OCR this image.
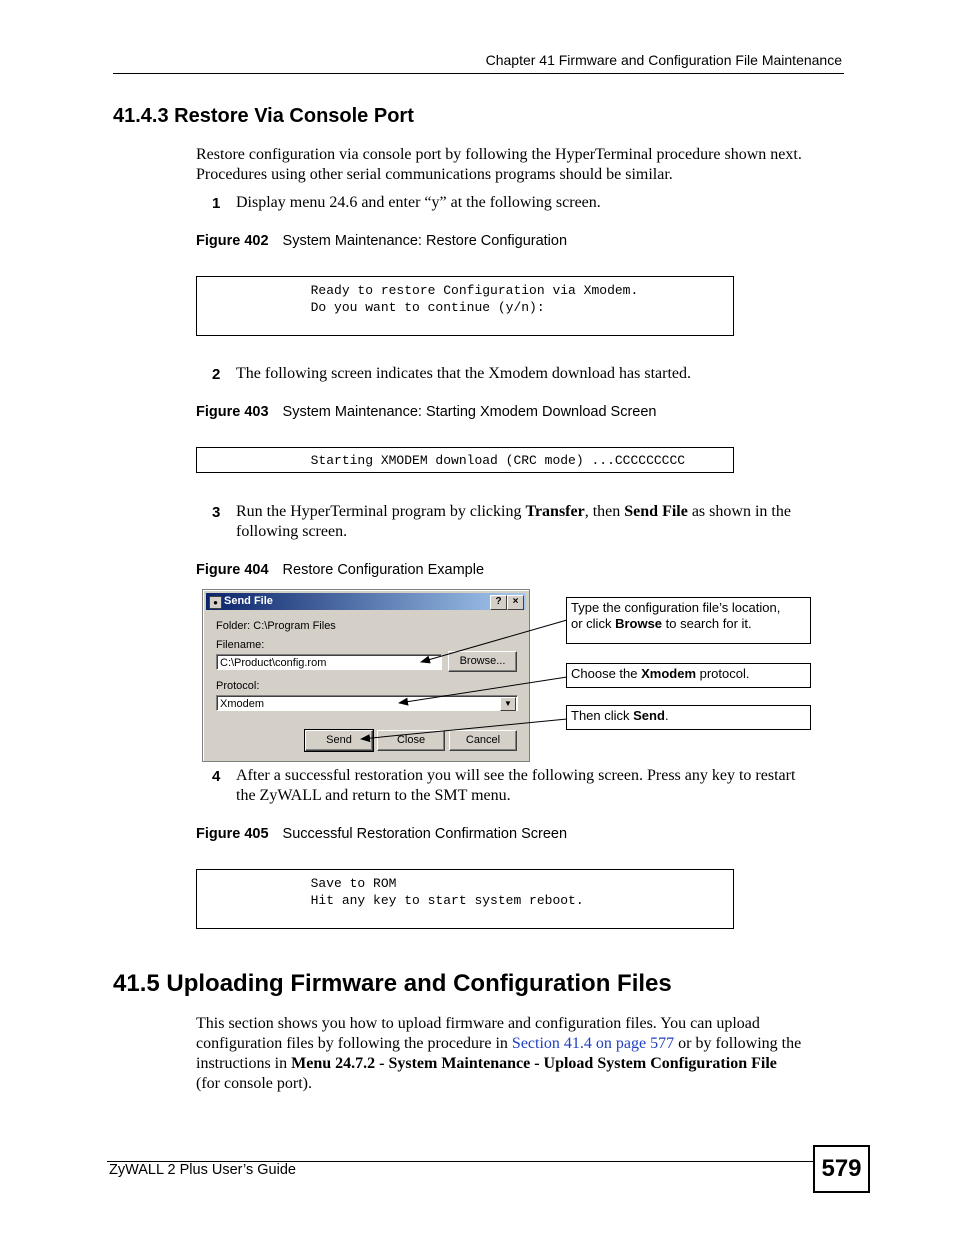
Chapter 41 Firmware and Configuration File Maintenance
41.4.3 Restore Via Console Port
Restore configuration via console port by following the HyperTerminal procedure shown next.
Procedures using other serial communications programs should be similar.
1 Display menu 24.6 and enter “y” at the following screen.
Figure 402 System Maintenance: Restore Configuration
Ready to restore Configuration via Xmodem.
Do you want to continue (y/n):
2 The following screen indicates that the Xmodem download has started.
Figure 403 System Maintenance: Starting Xmodem Download Screen
Starting XMODEM download (CRC mode) ...CCCCCCCCC
3 Run the HyperTerminal program by clicking Transfer, then Send File as shown in the
following screen.
Figure 404 Restore Configuration Example
● Send File	?	×
Folder: C:\Program Files
Filename:
C:\Product\config.rom	Browse...
Protocol:
Xmodem	▼
Send	Close	Cancel
Type the configuration file’s location,
or click Browse to search for it.
Choose the Xmodem protocol.
Then click Send.
4 After a successful restoration you will see the following screen. Press any key to restart
the ZyWALL and return to the SMT menu.
Figure 405 Successful Restoration Confirmation Screen
Save to ROM
Hit any key to start system reboot.
41.5 Uploading Firmware and Configuration Files
This section shows you how to upload firmware and configuration files. You can upload
configuration files by following the procedure in Section 41.4 on page 577 or by following the
instructions in Menu 24.7.2 - System Maintenance - Upload System Configuration File
(for console port).
ZyWALL 2 Plus User’s Guide	579
